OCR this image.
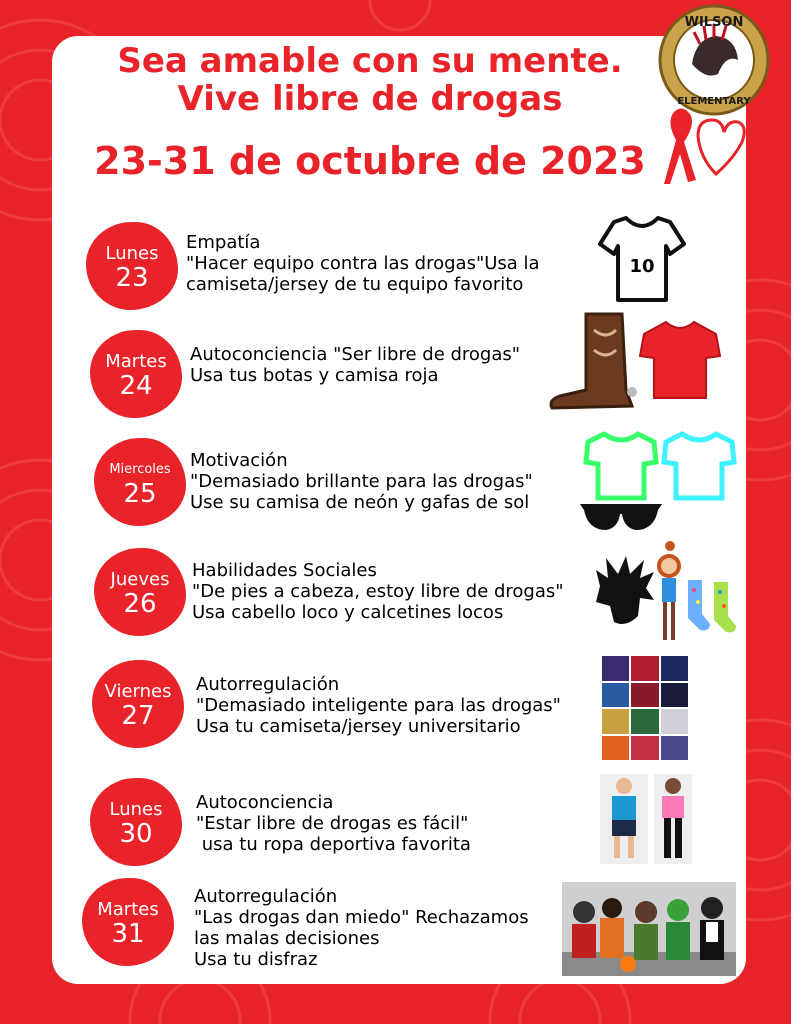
Sea amable con su mente.
Vive libre de drogas
23-31 de octubre de 2023
WILSON
ELEMENTARY
Lunes
23
Empatía
"Hacer equipo contra las drogas"Usa la
camiseta/jersey de tu equipo favorito
Martes
24
Autoconciencia "Ser libre de drogas"
Usa tus botas y camisa roja
Miercoles
25
Motivación
"Demasiado brillante para las drogas"
Use su camisa de neón y gafas de sol
Jueves
26
Habilidades Sociales
"De pies a cabeza, estoy libre de drogas"
Usa cabello loco y calcetines locos
Viernes
27
Autorregulación
"Demasiado inteligente para las drogas"
Usa tu camiseta/jersey universitario
Lunes
30
Autoconciencia
"Estar libre de drogas es fácil"
usa tu ropa deportiva favorita
Martes
31
Autorregulación
"Las drogas dan miedo" Rechazamos
las malas decisiones
Usa tu disfraz
10
